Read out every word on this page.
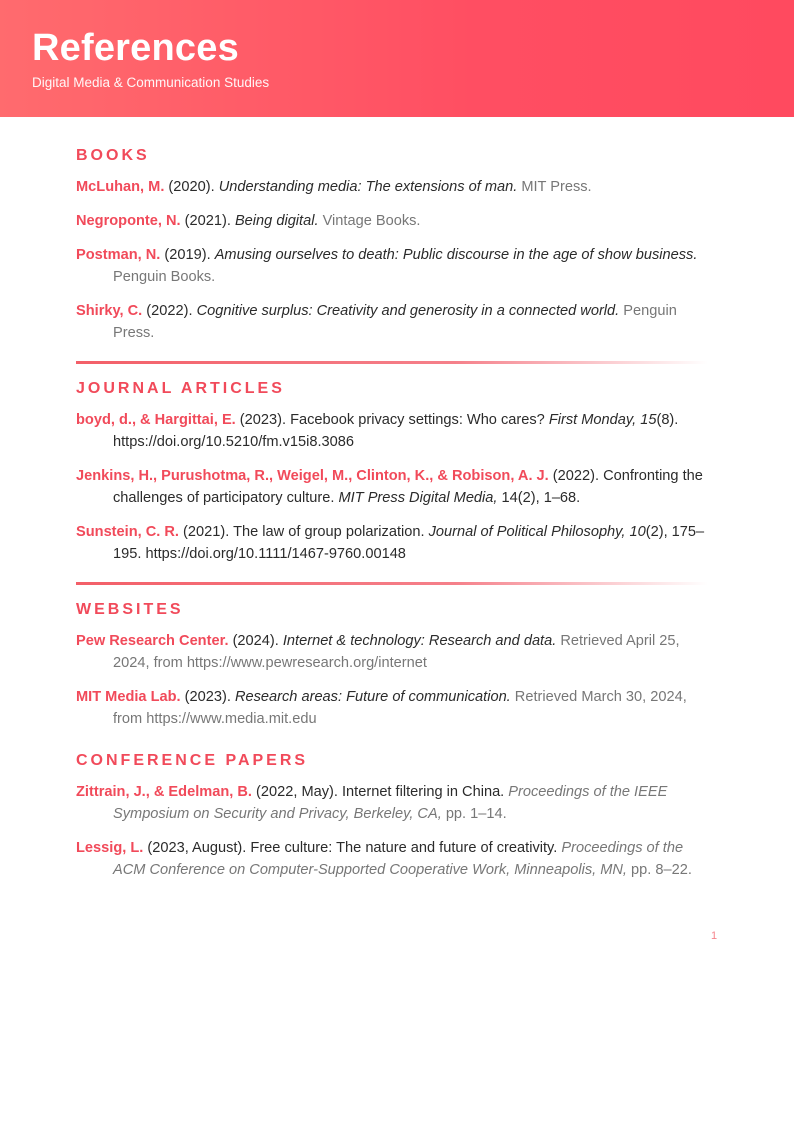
References
Digital Media & Communication Studies
BOOKS
McLuhan, M. (2020). Understanding media: The extensions of man. MIT Press.
Negroponte, N. (2021). Being digital. Vintage Books.
Postman, N. (2019). Amusing ourselves to death: Public discourse in the age of show business. Penguin Books.
Shirky, C. (2022). Cognitive surplus: Creativity and generosity in a connected world. Penguin Press.
JOURNAL ARTICLES
boyd, d., & Hargittai, E. (2023). Facebook privacy settings: Who cares? First Monday, 15(8). https://doi.org/10.5210/fm.v15i8.3086
Jenkins, H., Purushotma, R., Weigel, M., Clinton, K., & Robison, A. J. (2022). Confronting the challenges of participatory culture. MIT Press Digital Media, 14(2), 1–68.
Sunstein, C. R. (2021). The law of group polarization. Journal of Political Philosophy, 10(2), 175–195. https://doi.org/10.1111/1467-9760.00148
WEBSITES
Pew Research Center. (2024). Internet & technology: Research and data. Retrieved April 25, 2024, from https://www.pewresearch.org/internet
MIT Media Lab. (2023). Research areas: Future of communication. Retrieved March 30, 2024, from https://www.media.mit.edu
CONFERENCE PAPERS
Zittrain, J., & Edelman, B. (2022, May). Internet filtering in China. Proceedings of the IEEE Symposium on Security and Privacy, Berkeley, CA, pp. 1–14.
Lessig, L. (2023, August). Free culture: The nature and future of creativity. Proceedings of the ACM Conference on Computer-Supported Cooperative Work, Minneapolis, MN, pp. 8–22.
1
